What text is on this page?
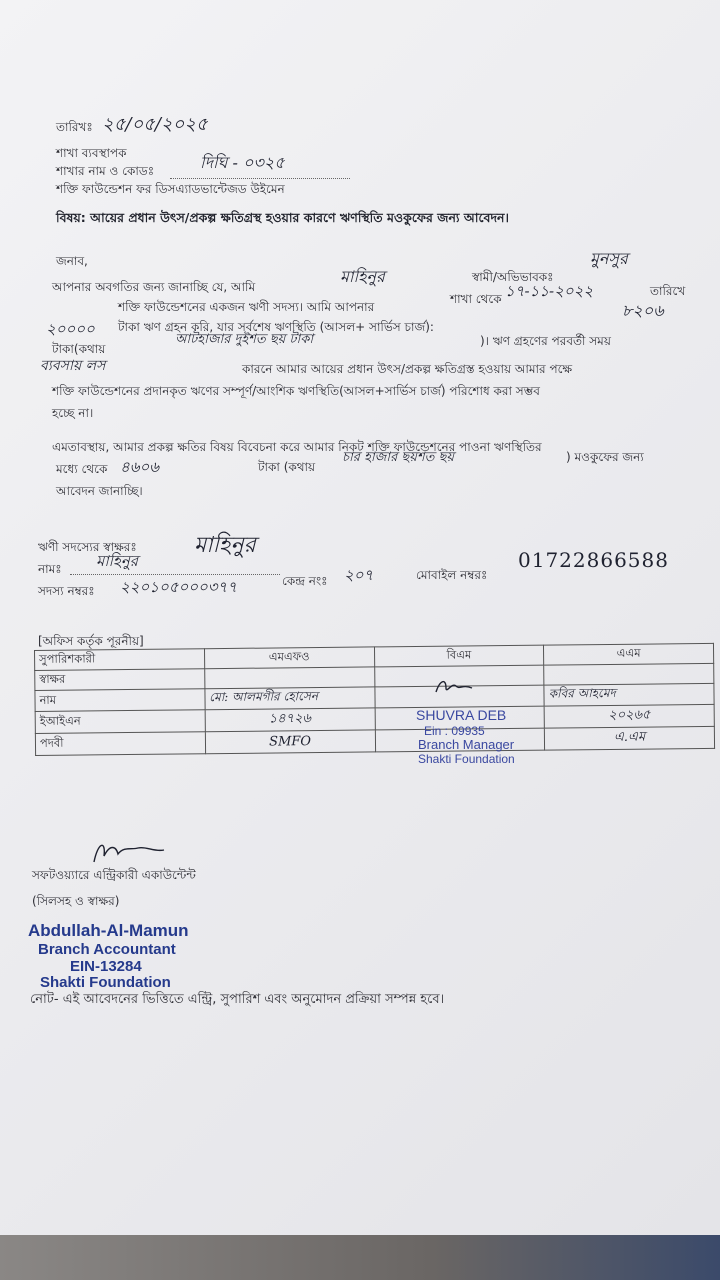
তারিখঃ ২৫/০৫/২০২৫
শাখা ব্যবস্থাপক
শাখার নাম ও কোডঃ	দিঘি - ০৩২৫
শক্তি ফাউন্ডেশন ফর ডিসএ্যাডভান্টেজড উইমেন
বিষয়: আয়ের প্রধান উৎস/প্রকল্প ক্ষতিগ্রস্থ হওয়ার কারণে ঋণস্থিতি মওকুফের জন্য আবেদন।
জনাব,
আপনার অবগতির জন্য জানাচ্ছি যে, আমি
মাহিনুর	স্বামী/অভিভাবকঃ
মুনসুর
শক্তি ফাউন্ডেশনের একজন ঋণী সদস্য। আমি আপনার
শাখা থেকে ১৭-১১-২০২২	তারিখে
২০০০০ টাকা ঋণ গ্রহন করি, যার সর্বশেষ ঋণস্থিতি (আসল+ সার্ভিস চার্জ):
৮২০৬
টাকা(কথায়
আটহাজার দুইশত ছয় টাকা	)। ঋণ গ্রহণের পরবর্তী সময়
ব্যবসায় লস	কারনে আমার আয়ের প্রধান উৎস/প্রকল্প ক্ষতিগ্রস্ত হওয়ায় আমার পক্ষে
শক্তি ফাউন্ডেশনের প্রদানকৃত ঋণের সম্পূর্ণ/আংশিক ঋণস্থিতি(আসল+সার্ভিস চার্জ) পরিশোধ করা সম্ভব
হচ্ছে না।
এমতাবস্থায়, আমার প্রকল্প ক্ষতির বিষয় বিবেচনা করে আমার নিকট শক্তি ফাউন্ডেশনের পাওনা ঋণস্থিতির
মধ্যে থেকে ৪৬০৬	টাকা (কথায়
চার হাজার ছয়শত ছয়	) মওকুফের জন্য
আবেদন জানাচ্ছি।
ঋণী সদস্যের স্বাক্ষরঃ	মাহিনুর
নামঃ মাহিনুর
সদস্য নম্বরঃ ২২০১০৫০০০৩৭৭	কেন্দ্র নংঃ ২০৭	মোবাইল নম্বরঃ
01722866588
[অফিস কর্তৃক পূরনীয়]
সুপারিশকারী	এমএফও	বিএম	এএম
স্বাক্ষর			
নাম	মো: আলমগীর হোসেন		কবির আহমেদ
ইআইএন	১৪৭২৬		২০২৬৫
পদবী	SMFO		এ.এম
SHUVRA DEB
Ein : 09935
Branch Manager
Shakti Foundation
সফটওয়্যারে এন্ট্রিকারী একাউন্টেন্ট
(সিলসহ ও স্বাক্ষর)
Abdullah-Al-Mamun
Branch Accountant
EIN-13284
Shakti Foundation
নোট- এই আবেদনের ভিত্তিতে এন্ট্রি, সুপারিশ এবং অনুমোদন প্রক্রিয়া সম্পন্ন হবে।
